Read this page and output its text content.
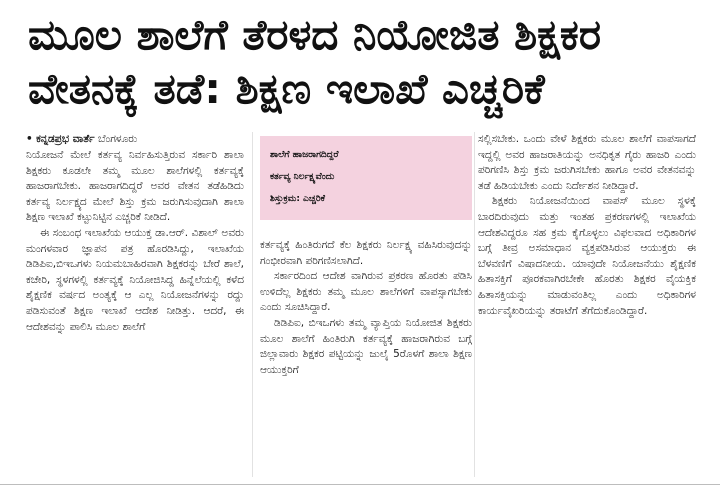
ಮೂಲ ಶಾಲೆಗೆ ತೆರಳದ ನಿಯೋಜಿತ ಶಿಕ್ಷಕರ
ವೇತನಕ್ಕೆ ತಡೆ: ಶಿಕ್ಷಣ ಇಲಾಖೆ ಎಚ್ಚರಿಕೆ
• ಕನ್ನಡಪ್ರಭ ವಾರ್ತೆ ಬೆಂಗಳೂರು

ನಿಯೋಜನೆ ಮೇಲೆ ಕರ್ತವ್ಯ ನಿರ್ವಹಿಸುತ್ತಿರುವ ಸರ್ಕಾರಿ ಶಾಲಾ ಶಿಕ್ಷಕರು ಕೂಡಲೇ ತಮ್ಮ ಮೂಲ ಶಾಲೆಗಳಲ್ಲಿ ಕರ್ತವ್ಯಕ್ಕೆ ಹಾಜರಾಗಬೇಕು. ಹಾಜರಾಗದಿದ್ದರೆ ಅವರ ವೇತನ ತಡೆಹಿಡಿದು ಕರ್ತವ್ಯ ನಿರ್ಲಕ್ಷ್ಯದ ಮೇಲೆ ಶಿಸ್ತು ಕ್ರಮ ಜರುಗಿಸುವುದಾಗಿ ಶಾಲಾ ಶಿಕ್ಷಣ ಇಲಾಖೆ ಕಟ್ಟುನಿಟ್ಟಿನ ಎಚ್ಚರಿಕೆ ನೀಡಿದೆ.

ಈ ಸಂಬಂಧ ಇಲಾಖೆಯ ಆಯುಕ್ತ ಡಾ.ಆರ್. ವಿಶಾಲ್ ಅವರು ಮಂಗಳವಾರ ಜ್ಞಾಪನ ಪತ್ರ ಹೊರಡಿಸಿದ್ದು, ಇಲಾಖೆಯ ಡಿಡಿಪಿಐ,ಬಿಇಒಗಳು ನಿಯಮಬಾಹಿರವಾಗಿ ಶಿಕ್ಷಕರನ್ನು ಬೇರೆ ಶಾಲೆ, ಕಚೇರಿ, ಸ್ಥಳಗಳಲ್ಲಿ ಕರ್ತವ್ಯಕ್ಕೆ ನಿಯೋಜಿಸಿದ್ದ ಹಿನ್ನೆಲೆಯಲ್ಲಿ ಕಳೆದ ಶೈಕ್ಷಣಿಕ ವರ್ಷದ ಅಂತ್ಯಕ್ಕೆ ಆ ಎಲ್ಲ ನಿಯೋಜನೆಗಳನ್ನು ರದ್ದು ಪಡಿಸುವಂತೆ ಶಿಕ್ಷಣ ಇಲಾಖೆ ಆದೇಶ ನೀಡಿತ್ತು. ಆದರೆ, ಈ ಆದೇಶವನ್ನು ಪಾಲಿಸಿ ಮೂಲ ಶಾಲೆಗೆ

ಶಾಲೆಗೆ ಹಾಜರಾಗದಿದ್ದರೆ
ಕರ್ತವ್ಯ ನಿರ್ಲಕ್ಷ್ಯವೆಂದು
ಶಿಸ್ತುಕ್ರಮ: ಎಚ್ಚರಿಕೆ

ಕರ್ತವ್ಯಕ್ಕೆ ಹಿಂತಿರುಗದೆ ಕೆಲ ಶಿಕ್ಷಕರು ನಿರ್ಲಕ್ಷ್ಯ ವಹಿಸಿರುವುದನ್ನು ಗಂಭೀರವಾಗಿ ಪರಿಗಣಿಸಲಾಗಿದೆ.

ಸರ್ಕಾರದಿಂದ ಆದೇಶ ವಾಗಿರುವ ಪ್ರಕರಣ ಹೊರತು ಪಡಿಸಿ ಉಳಿದೆಲ್ಲ ಶಿಕ್ಷಕರು ತಮ್ಮ ಮೂಲ ಶಾಲೆಗಳಿಗೆ ವಾಪಸ್ಸಾಗಬೇಕು ಎಂದು ಸೂಚಿಸಿದ್ದಾರೆ.

ಡಿಡಿಪಿಐ, ಬಿಇಒಗಳು ತಮ್ಮ ವ್ಯಾಪ್ತಿಯ ನಿಯೋಜಿತ ಶಿಕ್ಷಕರು ಮೂಲ ಶಾಲೆಗೆ ಹಿಂತಿರುಗಿ ಕರ್ತವ್ಯಕ್ಕೆ ಹಾಜರಾಗಿರುವ ಬಗ್ಗೆ ಜಿಲ್ಲಾವಾರು ಶಿಕ್ಷಕರ ಪಟ್ಟಿಯನ್ನು ಜುಲೈ 5ರೊಳಗೆ ಶಾಲಾ ಶಿಕ್ಷಣ ಆಯುಕ್ತರಿಗೆ

ಸಲ್ಲಿಸಬೇಕು. ಒಂದು ವೇಳೆ ಶಿಕ್ಷಕರು ಮೂಲ ಶಾಲೆಗೆ ವಾಪಸಾಗದೆ ಇದ್ದಲ್ಲಿ ಅವರ ಹಾಜರಾತಿಯನ್ನು ಅನಧಿಕೃತ ಗೈರು ಹಾಜರಿ ಎಂದು ಪರಿಗಣಿಸಿ ಶಿಸ್ತು ಕ್ರಮ ಜರುಗಿಸಬೇಕು ಹಾಗೂ ಅವರ ವೇತನವನ್ನು ತಡೆ ಹಿಡಿಯಬೇಕು ಎಂದು ನಿರ್ದೇಶನ ನೀಡಿದ್ದಾರೆ.

ಶಿಕ್ಷಕರು ನಿಯೋಜನೆಯಿಂದ ವಾಪಸ್ ಮೂಲ ಸ್ಥಳಕ್ಕೆ ಬಾರದಿರುವುದು ಮತ್ತು ಇಂತಹ ಪ್ರಕರಣಗಳಲ್ಲಿ ಇಲಾಖೆಯ ಆದೇಶವಿದ್ದರೂ ಸಹ ಕ್ರಮ ಕೈಗೊಳ್ಳಲು ವಿಫಲವಾದ ಅಧಿಕಾರಿಗಳ ಬಗ್ಗೆ ತೀವ್ರ ಅಸಮಾಧಾನ ವ್ಯಕ್ತಪಡಿಸಿರುವ ಆಯುಕ್ತರು ಈ ಬೆಳವಣಿಗೆ ವಿಷಾದನೀಯ. ಯಾವುದೇ ನಿಯೋಜನೆಯು ಶೈಕ್ಷಣಿಕ ಹಿತಾಸಕ್ತಿಗೆ ಪೂರಕವಾಗಿರಬೇಕೇ ಹೊರತು ಶಿಕ್ಷಕರ ವೈಯಕ್ತಿಕ ಹಿತಾಸಕ್ತಿಯನ್ನು ಮಾಡುವಂತಿಲ್ಲ ಎಂದು ಅಧಿಕಾರಿಗಳ ಕಾರ್ಯವೈಖರಿಯನ್ನು ತರಾಟೆಗೆ ತೆಗೆದುಕೊಂಡಿದ್ದಾರೆ.
